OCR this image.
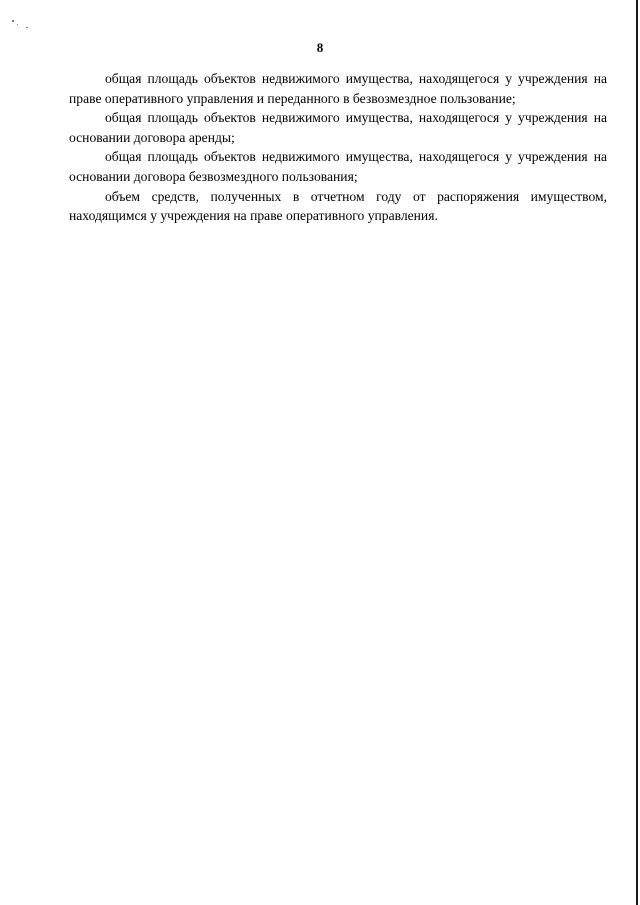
8

общая площадь объектов недвижимого имущества, находящегося у учреждения на праве оперативного управления и переданного в безвозмездное пользование;

общая площадь объектов недвижимого имущества, находящегося у учреждения на основании договора аренды;

общая площадь объектов недвижимого имущества, находящегося у учреждения на основании договора безвозмездного пользования;

объем средств, полученных в отчетном году от распоряжения имуществом, находящимся у учреждения на праве оперативного управления.
